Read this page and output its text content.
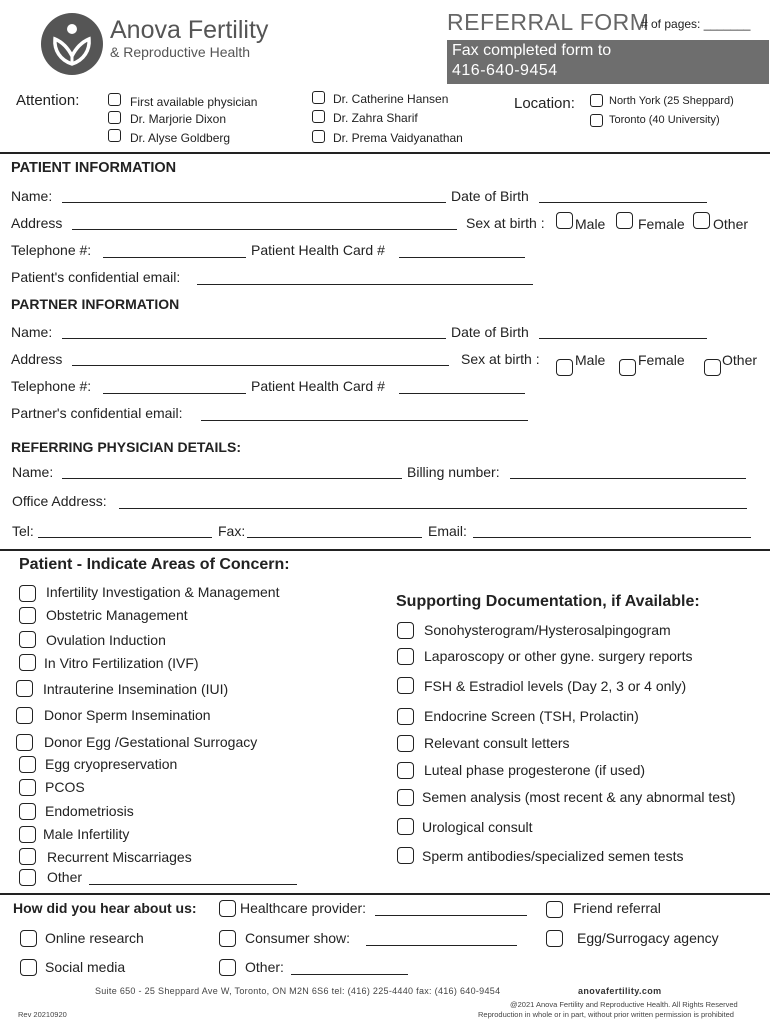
Anova Fertility
& Reproductive Health
REFERRAL FORM
# of pages: _______
Fax completed form to
416-640-9454
Attention:	First available physician
Dr. Marjorie Dixon
Dr. Alyse Goldberg
Dr. Catherine Hansen
Dr. Zahra Sharif
Dr. Prema Vaidyanathan
Location:	North York (25 Sheppard)
Toronto (40 University)
PATIENT INFORMATION
Name:	Date of Birth
Address	Sex at birth : Male Female Other
Telephone #:	Patient Health Card #
Patient's confidential email:
PARTNER INFORMATION
Name:	Date of Birth
Address	Sex at birth :	Male Female	Other
Telephone #:	Patient Health Card #
Partner's confidential email:
REFERRING PHYSICIAN DETAILS:
Name:	Billing number:
Office Address:
Tel:	Fax:	Email:
Patient - Indicate Areas of Concern:
Infertility Investigation & Management
Obstetric Management
Ovulation Induction
In Vitro Fertilization (IVF)
Intrauterine Insemination (IUI)
Donor Sperm Insemination
Donor Egg /Gestational Surrogacy
Egg cryopreservation
PCOS
Endometriosis
Male Infertility
Recurrent Miscarriages
Other
Supporting Documentation, if Available:
Sonohysterogram/Hysterosalpingogram
Laparoscopy or other gyne. surgery reports
FSH & Estradiol levels (Day 2, 3 or 4 only)
Endocrine Screen (TSH, Prolactin)
Relevant consult letters
Luteal phase progesterone (if used)
Semen analysis (most recent & any abnormal test)
Urological consult
Sperm antibodies/specialized semen tests
How did you hear about us:	Healthcare provider:	Friend referral
Online research	Consumer show:	Egg/Surrogacy agency
Social media	Other:
Suite 650 - 25 Sheppard Ave W, Toronto, ON M2N 6S6 tel: (416) 225-4440 fax: (416) 640-9454	anovafertility.com
@2021 Anova Fertility and Reproductive Health. All Rights Reserved
Rev 20210920	Reproduction in whole or in part, without prior written permission is prohibited
